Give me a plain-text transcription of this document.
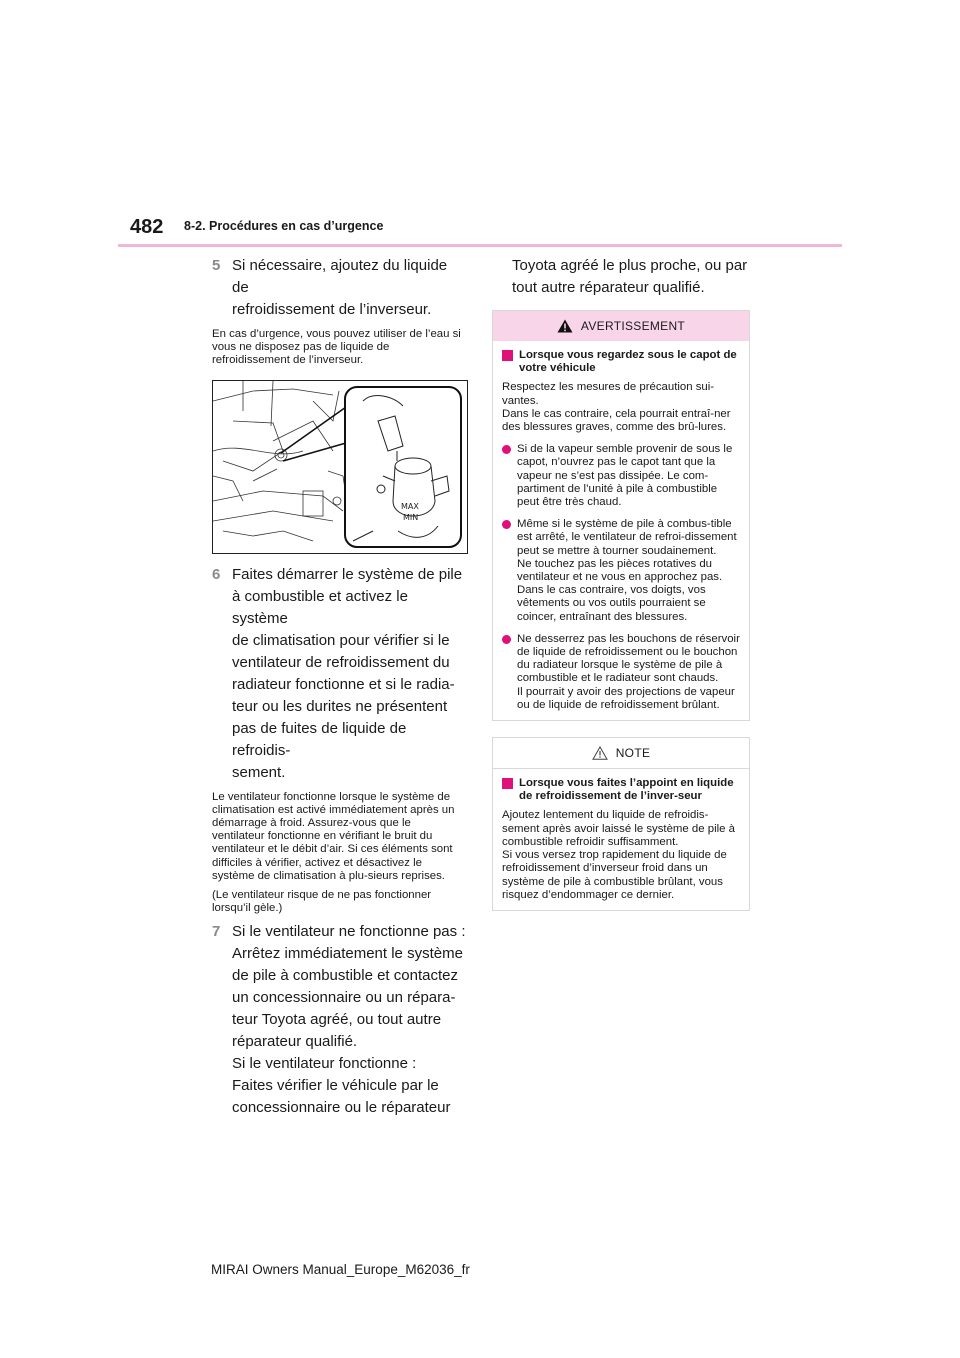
482 8-2. Procédures en cas d’urgence
5 Si nécessaire, ajoutez du liquide de

refroidissement de l’inverseur.

En cas d’urgence, vous pouvez utiliser de l’eau si vous ne disposez pas de liquide de refroidissement de l’inverseur.

MAX
MIN
6 Faites démarrer le système de pile

à combustible et activez le système

de climatisation pour vérifier si le

ventilateur de refroidissement du

radiateur fonctionne et si le radia-

teur ou les durites ne présentent

pas de fuites de liquide de refroidis-

sement.

Le ventilateur fonctionne lorsque le système de climatisation est activé immédiatement après un démarrage à froid. Assurez-vous que le ventilateur fonctionne en vérifiant le bruit du ventilateur et le débit d’air. Si ces éléments sont difficiles à vérifier, activez et désactivez le système de climatisation à plu-sieurs reprises.

(Le ventilateur risque de ne pas fonctionner lorsqu’il gèle.)

7 Si le ventilateur ne fonctionne pas :

Arrêtez immédiatement le système

de pile à combustible et contactez

un concessionnaire ou un répara-

teur Toyota agréé, ou tout autre

réparateur qualifié.

Si le ventilateur fonctionne :

Faites vérifier le véhicule par le

concessionnaire ou le réparateur

Toyota agréé le plus proche, ou par

tout autre réparateur qualifié.

AVERTISSEMENT

Lorsque vous regardez sous le capot de votre véhicule

Respectez les mesures de précaution sui-vantes.

Dans le cas contraire, cela pourrait entraî-ner des blessures graves, comme des brû-lures.

Si de la vapeur semble provenir de sous le capot, n’ouvrez pas le capot tant que la vapeur ne s’est pas dissipée. Le com-partiment de l’unité à pile à combustible peut être très chaud.

Même si le système de pile à combus-tible est arrêté, le ventilateur de refroi-dissement peut se mettre à tourner soudainement.

Ne touchez pas les pièces rotatives du ventilateur et ne vous en approchez pas. Dans le cas contraire, vos doigts, vos vêtements ou vos outils pourraient se coincer, entraînant des blessures.

Ne desserrez pas les bouchons de réservoir de liquide de refroidissement ou le bouchon du radiateur lorsque le système de pile à combustible et le radiateur sont chauds.

Il pourrait y avoir des projections de vapeur ou de liquide de refroidissement brûlant.

NOTE

Lorsque vous faites l’appoint en liquide de refroidissement de l’inver-seur

Ajoutez lentement du liquide de refroidis-sement après avoir laissé le système de pile à combustible refroidir suffisamment.

Si vous versez trop rapidement du liquide de refroidissement d’inverseur froid dans un système de pile à combustible brûlant, vous risquez d’endommager ce dernier.

MIRAI Owners Manual_Europe_M62036_fr
